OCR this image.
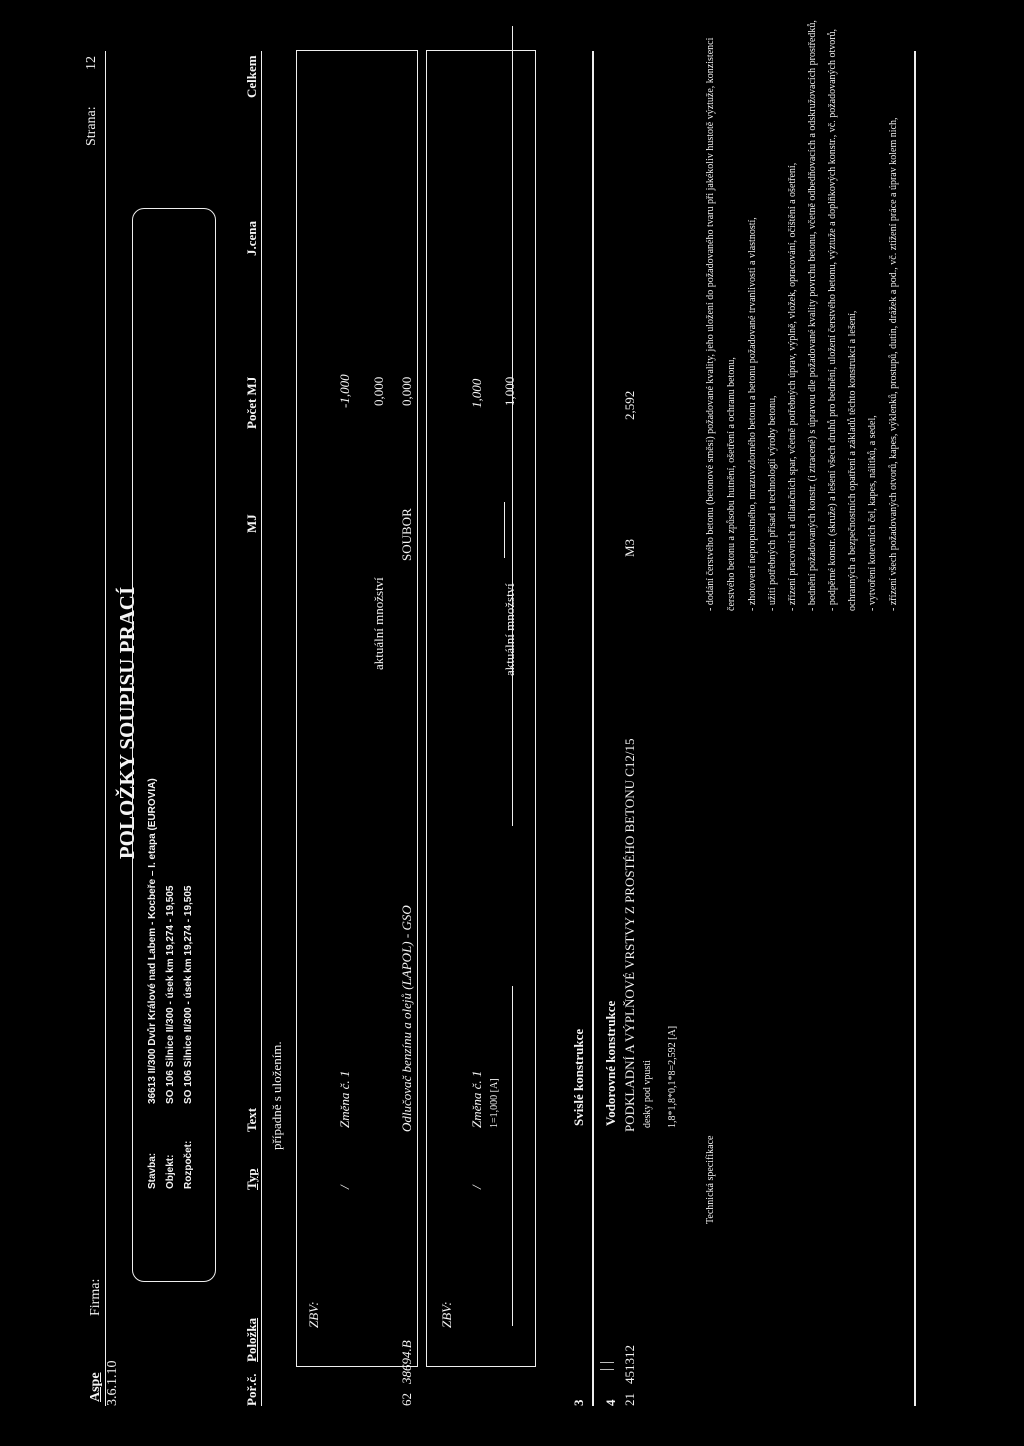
Aspe
Firma:
3.6.1.10
Strana:
12
POLOŽKY SOUPISU PRACÍ
Stavba:
36613 II/300 Dvůr Králové nad Labem - Kocbeře – I. etapa (EUROVIA)
Objekt:
SO 106 Silnice II/300 - úsek km 19,274 - 19,505
Rozpočet:
SO 106 Silnice II/300 - úsek km 19,274 - 19,505
Poř.č.
Položka
Typ
Text
MJ
Počet MJ
J.cena
Celkem
případně s uložením.
ZBV:
/
Změna č. 1
-1,000
aktuální množství
0,000
62
38694.B
Odlučovač benzínu a olejů (LAPOL) - GSO
SOUBOR
0,000
ZBV:
/
Změna č. 1
1,000
1=1,000 [A]
aktuální množství
1,000
3
Svislé konstrukce
4
Vodorovné konstrukce
21
451312
PODKLADNÍ A VÝPLŇOVÉ VRSTVY Z PROSTÉHO BETONU C12/15
M3
2,592
desky pod vpusti 1,8*1,8*0,1*8=2,592 [A]
Technická specifikace
- dodání čerstvého betonu (betonové směsi) požadované kvality, jeho uložení do požadovaného tvaru při jakékoliv hustotě výztuže, konzistenci čerstvého betonu a způsobu hutnění, ošetření a ochranu betonu, - zhotovení nepropustného, mrazuvzdorného betonu a betonu požadované trvanlivosti a vlastností, - užití potřebných přísad a technologií výroby betonu, - zřízení pracovních a dilatačních spar, včetně potřebných úprav, výplně, vložek, opracování, očištění a ošetření, - bednění požadovaných konstr. (i ztracené) s úpravou dle požadované kvality povrchu betonu, včetně odbedňovacích a odskružovacích prostředků, - podpěrné konstr. (skruže) a lešení všech druhů pro bednění, uložení čerstvého betonu, výztuže a doplňkových konstr., vč. požadovaných otvorů, ochranných a bezpečnostních opatření a základů těchto konstrukcí a lešení, - vytvoření kotevních čel, kapes, nálitků, a sedel, - zřízení všech požadovaných otvorů, kapes, výklenků, prostupů, dutin, drážek a pod., vč. ztížení práce a úprav kolem nich,
